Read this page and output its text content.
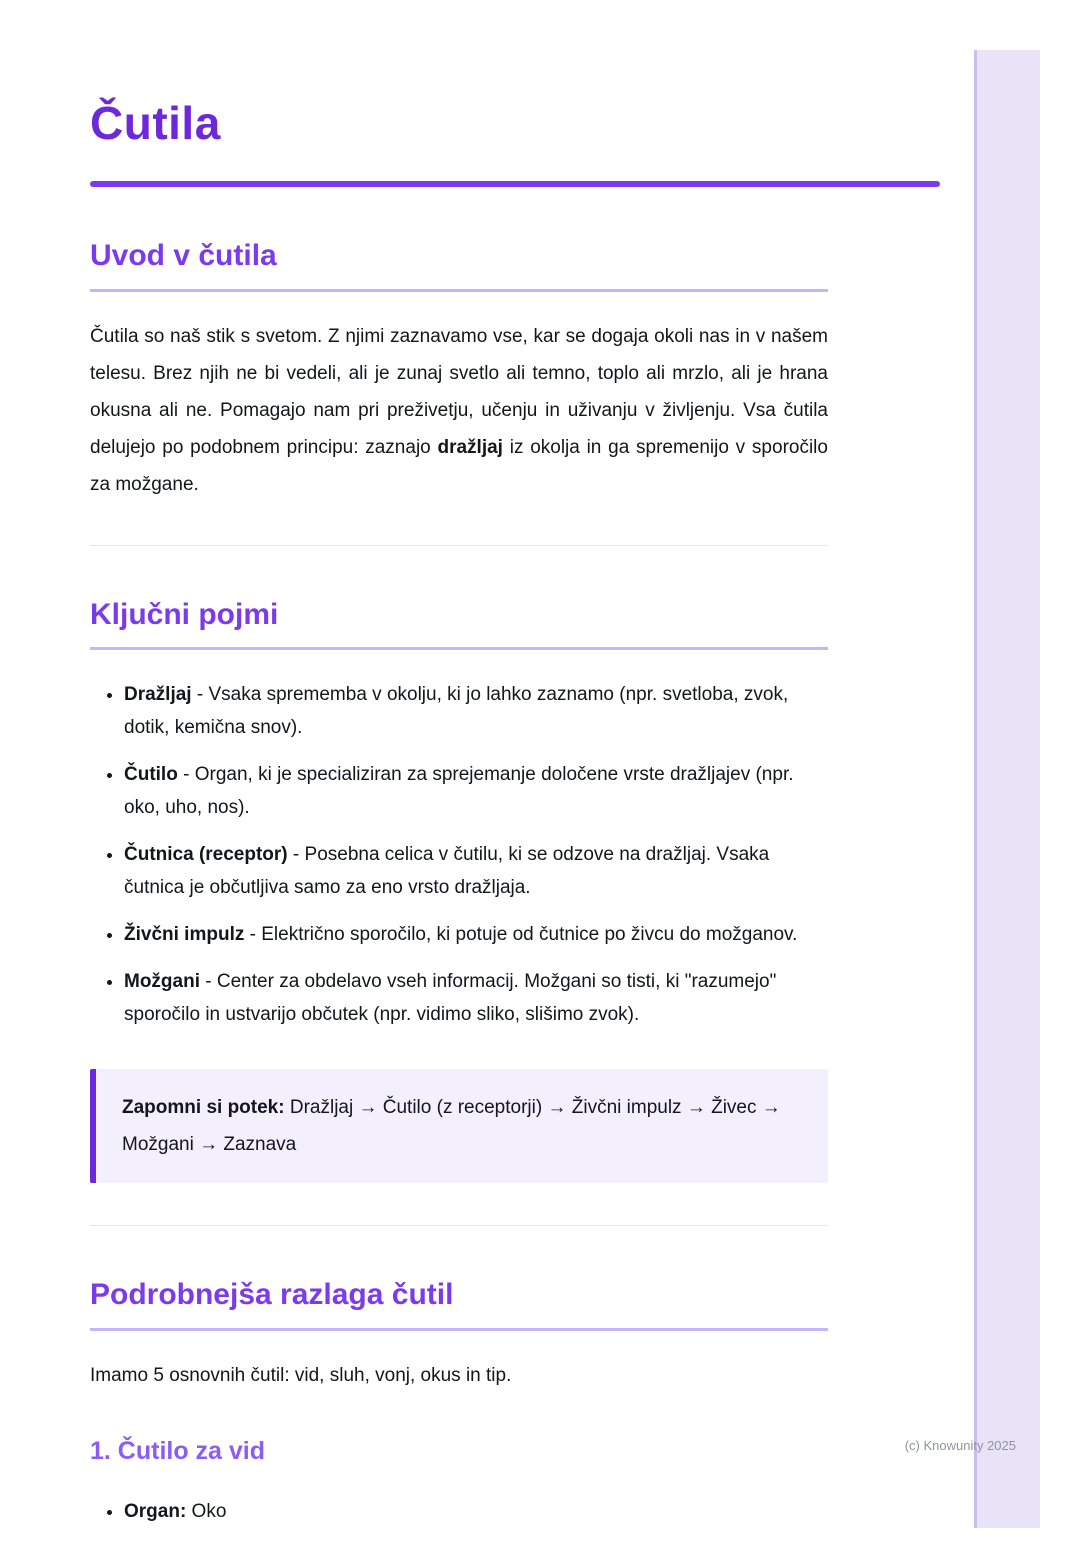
Čutila
Uvod v čutila

Čutila so naš stik s svetom. Z njimi zaznavamo vse, kar se dogaja okoli nas in v našem telesu. Brez njih ne bi vedeli, ali je zunaj svetlo ali temno, toplo ali mrzlo, ali je hrana okusna ali ne. Pomagajo nam pri preživetju, učenju in uživanju v življenju. Vsa čutila delujejo po podobnem principu: zaznajo dražljaj iz okolja in ga spremenijo v sporočilo za možgane.

Ključni pojmi
• Dražljaj - Vsaka sprememba v okolju, ki jo lahko zaznamo (npr. svetloba, zvok, dotik, kemična snov).
• Čutilo - Organ, ki je specializiran za sprejemanje določene vrste dražljajev (npr. oko, uho, nos).
• Čutnica (receptor) - Posebna celica v čutilu, ki se odzove na dražljaj. Vsaka čutnica je občutljiva samo za eno vrsto dražljaja.
• Živčni impulz - Električno sporočilo, ki potuje od čutnice po živcu do možganov.
• Možgani - Center za obdelavo vseh informacij. Možgani so tisti, ki "razumejo" sporočilo in ustvarijo občutek (npr. vidimo sliko, slišimo zvok).

Zapomni si potek: Dražljaj → Čutilo (z receptorji) → Živčni impulz → Živec → Možgani → Zaznava

Podrobnejša razlaga čutil

Imamo 5 osnovnih čutil: vid, sluh, vonj, okus in tip.

1. Čutilo za vid
• Organ: Oko
(c) Knowunity 2025
